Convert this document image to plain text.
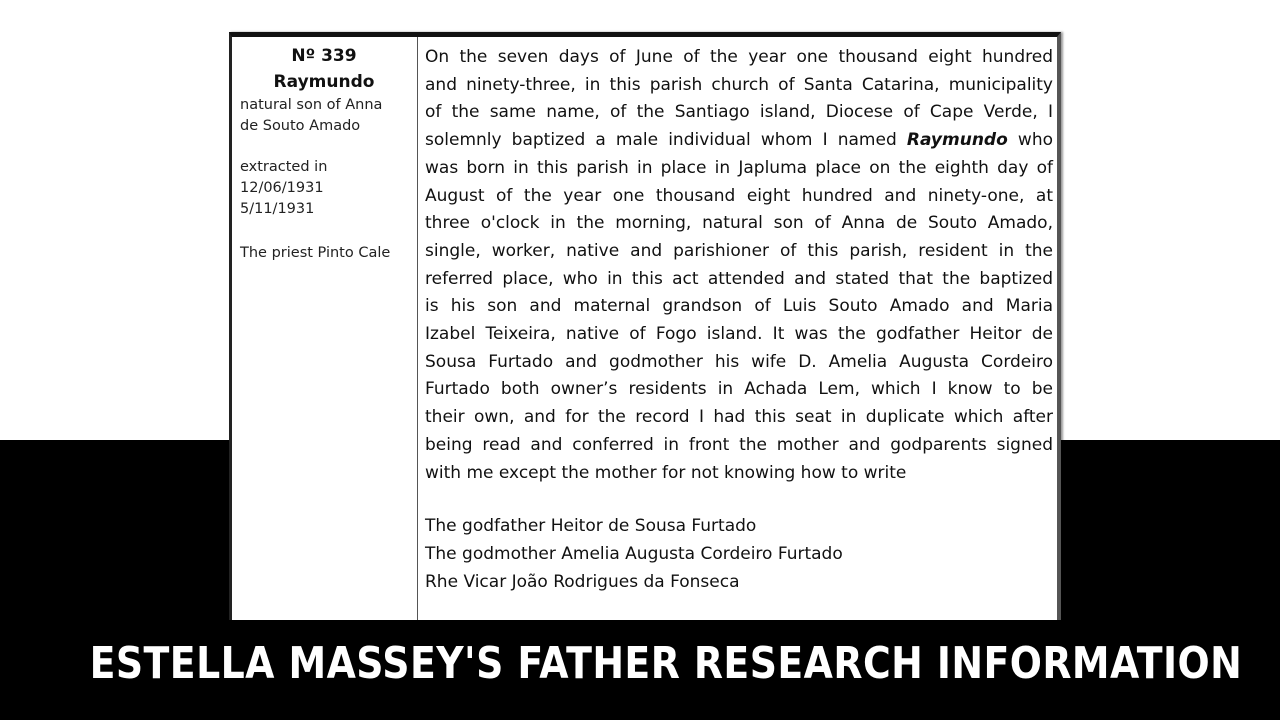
Nº 339
Raymundo
natural son of Anna
de Souto Amado
extracted in
12/06/1931
5/11/1931
The priest Pinto Cale
On the seven days of June of the year one thousand eight hundred
and ninety-three, in this parish church of Santa Catarina, municipality
of the same name, of the Santiago island, Diocese of Cape Verde, I
solemnly baptized a male individual whom I named Raymundo who
was born in this parish in place in Japluma place on the eighth day of
August of the year one thousand eight hundred and ninety-one, at
three o'clock in the morning, natural son of Anna de Souto Amado,
single, worker, native and parishioner of this parish, resident in the
referred place, who in this act attended and stated that the baptized
is his son and maternal grandson of Luis Souto Amado and Maria
Izabel Teixeira, native of Fogo island. It was the godfather Heitor de
Sousa Furtado and godmother his wife D. Amelia Augusta Cordeiro
Furtado both owner’s residents in Achada Lem, which I know to be
their own, and for the record I had this seat in duplicate which after
being read and conferred in front the mother and godparents signed
with me except the mother for not knowing how to write
The godfather Heitor de Sousa Furtado
The godmother Amelia Augusta Cordeiro Furtado
Rhe Vicar João Rodrigues da Fonseca
ESTELLA MASSEY'S FATHER RESEARCH INFORMATION
